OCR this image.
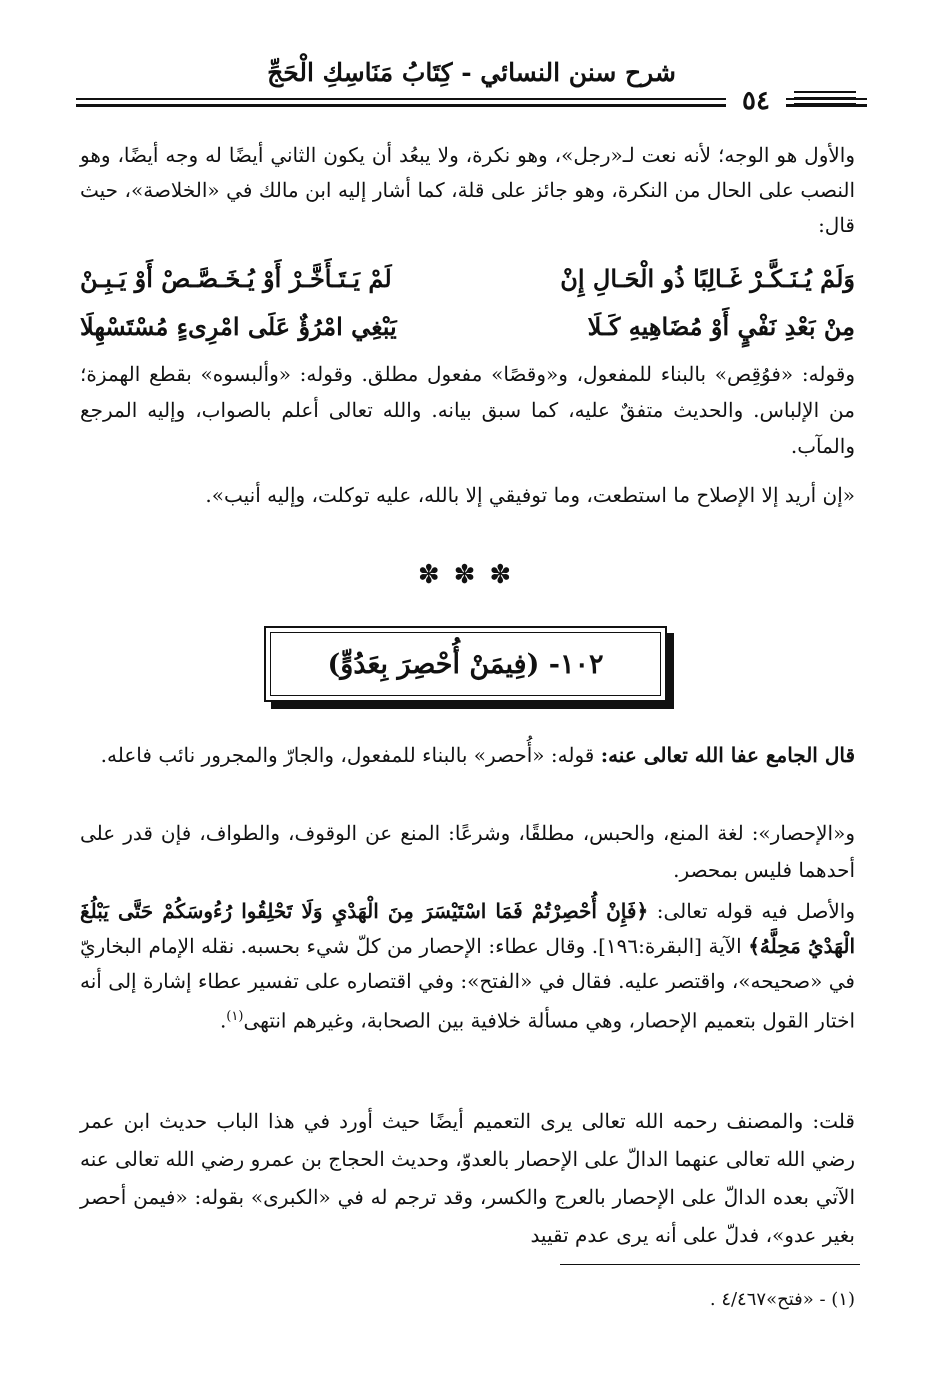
شرح سنن النسائي - كِتَابُ مَنَاسِكِ الْحَجِّ
٥٤

والأول هو الوجه؛ لأنه نعت لـ«رجل»، وهو نكرة، ولا يبعُد أن يكون الثاني أيضًا له وجه أيضًا، وهو النصب على الحال من النكرة، وهو جائز على قلة، كما أشار إليه ابن مالك في «الخلاصة»، حيث قال:

وَلَمْ يُـنَـكَّـرْ غَـالِبًا ذُو الْحَـالِ إِنْ
لَمْ يَـتَـأَخَّـرْ أَوْ يُـخَـصَّـصْ أَوْ يَـبِـنْ
مِنْ بَعْدِ نَفْيٍ أَوْ مُضَاهِيهِ كَـلَا
يَبْغِي امْرُؤٌ عَلَى امْرِىءٍ مُسْتَسْهِلَا

وقوله: «فوُقِص» بالبناء للمفعول، و«وقصًا» مفعول مطلق. وقوله: «وألبسوه» بقطع الهمزة؛ من الإلباس. والحديث متفقٌ عليه، كما سبق بيانه. والله تعالى أعلم بالصواب، وإليه المرجع والمآب.

«إن أريد إلا الإصلاح ما استطعت، وما توفيقي إلا بالله، عليه توكلت، وإليه أنيب».

✽✽✽
١٠٢- (فِيمَنْ أُحْصِرَ بِعَدُوٍّ)

قال الجامع عفا الله تعالى عنه: قوله: «أُحصر» بالبناء للمفعول، والجارّ والمجرور نائب فاعله.

و«الإحصار»: لغة المنع، والحبس، مطلقًا، وشرعًا: المنع عن الوقوف، والطواف، فإن قدر على أحدهما فليس بمحصر.

والأصل فيه قوله تعالى: ﴿فَإِنْ أُحْصِرْتُمْ فَمَا اسْتَيْسَرَ مِنَ الْهَدْيِ وَلَا تَحْلِقُوا رُءُوسَكُمْ حَتَّى يَبْلُغَ الْهَدْيُ مَحِلَّهُ﴾ الآية [البقرة:١٩٦]. وقال عطاء: الإحصار من كلّ شيء بحسبه. نقله الإمام البخاريّ في «صحيحه»، واقتصر عليه. فقال في «الفتح»: وفي اقتصاره على تفسير عطاء إشارة إلى أنه اختار القول بتعميم الإحصار، وهي مسألة خلافية بين الصحابة، وغيرهم انتهى$^{(١)}$.

قلت: والمصنف رحمه الله تعالى يرى التعميم أيضًا حيث أورد في هذا الباب حديث ابن عمر رضي الله تعالى عنهما الدالّ على الإحصار بالعدوّ، وحديث الحجاج بن عمرو رضي الله تعالى عنه الآتي بعده الدالّ على الإحصار بالعرج والكسر، وقد ترجم له في «الكبرى» بقوله: «فيمن أحصر بغير عدو»، فدلّ على أنه يرى عدم تقييد

(١) - «فتح»٤/٤٦٧ .
